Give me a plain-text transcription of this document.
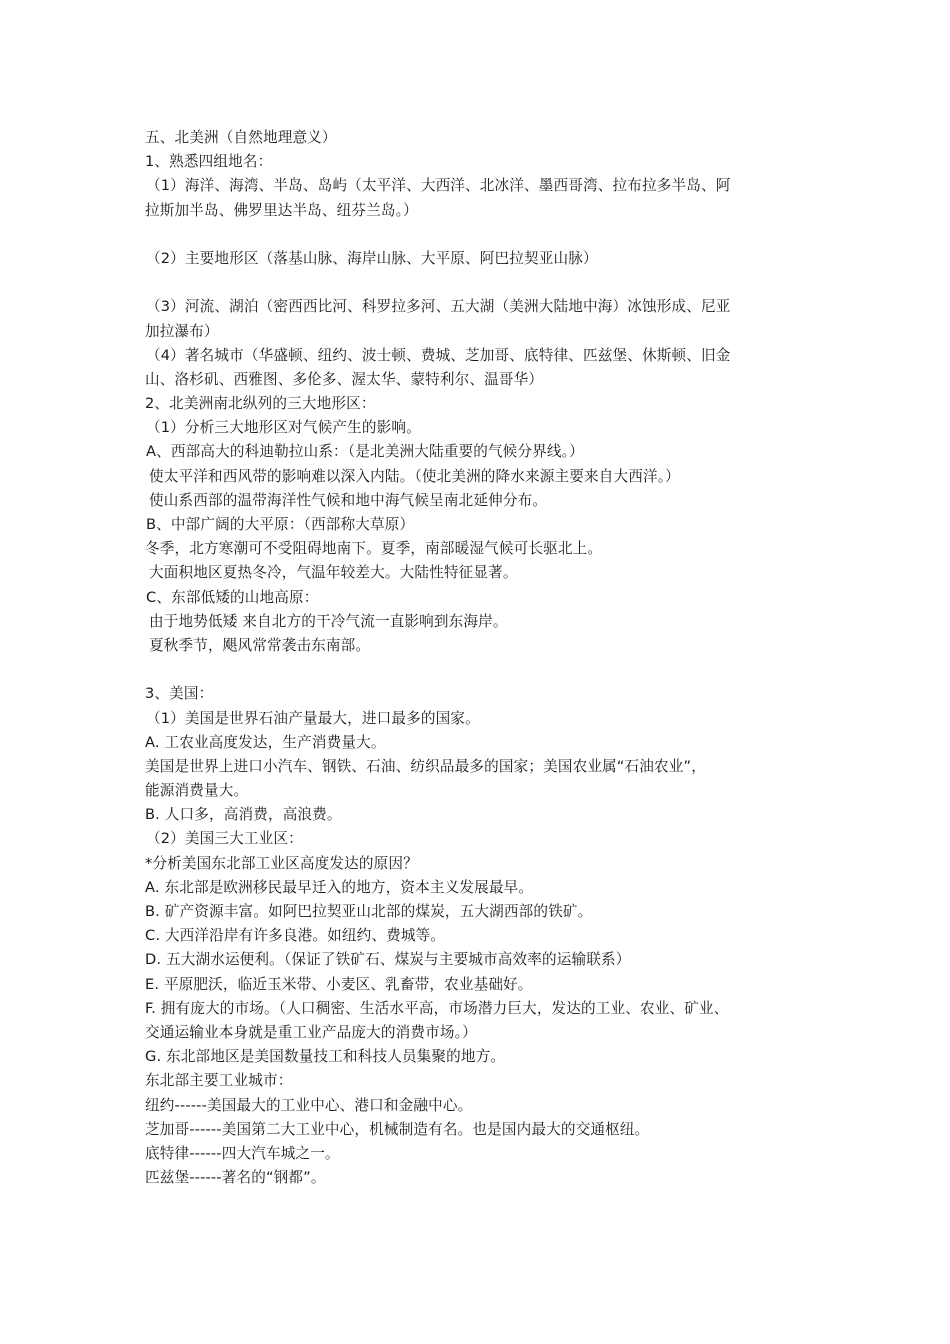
五、北美洲（自然地理意义）
1、熟悉四组地名：
（1）海洋、海湾、半岛、岛屿（太平洋、大西洋、北冰洋、墨西哥湾、拉布拉多半岛、阿
拉斯加半岛、佛罗里达半岛、纽芬兰岛。）
（2）主要地形区（落基山脉、海岸山脉、大平原、阿巴拉契亚山脉）
（3）河流、湖泊（密西西比河、科罗拉多河、五大湖（美洲大陆地中海）冰蚀形成、尼亚
加拉瀑布）
（4）著名城市（华盛顿、纽约、波士顿、费城、芝加哥、底特律、匹兹堡、休斯顿、旧金
山、洛杉矶、西雅图、多伦多、渥太华、蒙特利尔、温哥华）
2、北美洲南北纵列的三大地形区：
（1）分析三大地形区对气候产生的影响。
A、西部高大的科迪勒拉山系：（是北美洲大陆重要的气候分界线。）
使太平洋和西风带的影响难以深入内陆。（使北美洲的降水来源主要来自大西洋。）
使山系西部的温带海洋性气候和地中海气候呈南北延伸分布。
B、中部广阔的大平原：（西部称大草原）
冬季，北方寒潮可不受阻碍地南下。夏季，南部暖湿气候可长驱北上。
大面积地区夏热冬冷，气温年较差大。大陆性特征显著。
C、东部低矮的山地高原：
由于地势低矮 来自北方的干冷气流一直影响到东海岸。
夏秋季节，飓风常常袭击东南部。
3、美国：
（1）美国是世界石油产量最大，进口最多的国家。
A. 工农业高度发达，生产消费量大。
美国是世界上进口小汽车、钢铁、石油、纺织品最多的国家；美国农业属“石油农业”，
能源消费量大。
B. 人口多，高消费，高浪费。
（2）美国三大工业区：
*分析美国东北部工业区高度发达的原因？
A. 东北部是欧洲移民最早迁入的地方，资本主义发展最早。
B. 矿产资源丰富。如阿巴拉契亚山北部的煤炭，五大湖西部的铁矿。
C. 大西洋沿岸有许多良港。如纽约、费城等。
D. 五大湖水运便利。（保证了铁矿石、煤炭与主要城市高效率的运输联系）
E. 平原肥沃，临近玉米带、小麦区、乳畜带，农业基础好。
F. 拥有庞大的市场。（人口稠密、生活水平高，市场潜力巨大，发达的工业、农业、矿业、
交通运输业本身就是重工业产品庞大的消费市场。）
G. 东北部地区是美国数量技工和科技人员集聚的地方。
东北部主要工业城市：
纽约------美国最大的工业中心、港口和金融中心。
芝加哥------美国第二大工业中心，机械制造有名。也是国内最大的交通枢纽。
底特律------四大汽车城之一。
匹兹堡------著名的“钢都”。
